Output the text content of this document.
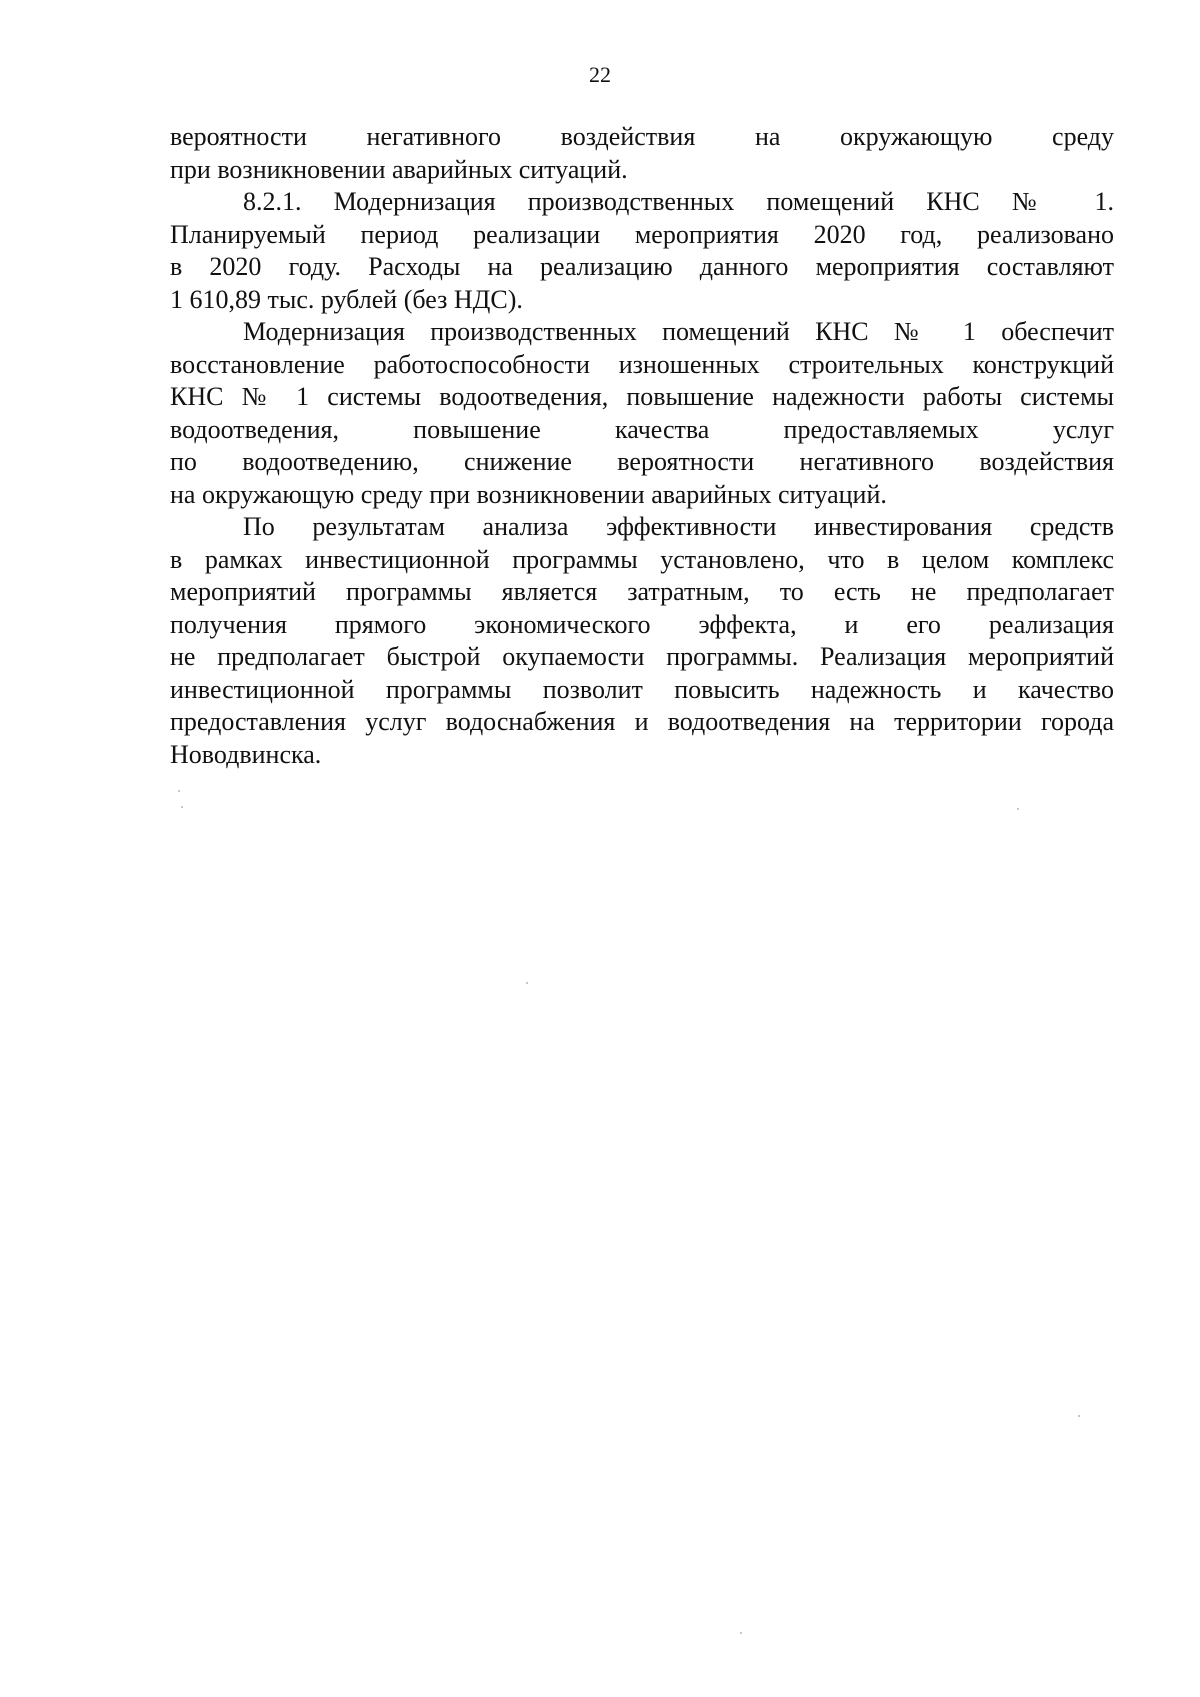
22
вероятности негативного воздействия на окружающую среду
при возникновении аварийных ситуаций.
8.2.1. Модернизация производственных помещений КНС № 1.
Планируемый период реализации мероприятия 2020 год, реализовано
в 2020 году. Расходы на реализацию данного мероприятия составляют
1 610,89 тыс. рублей (без НДС).
Модернизация производственных помещений КНС № 1 обеспечит
восстановление работоспособности изношенных строительных конструкций
КНС № 1 системы водоотведения, повышение надежности работы системы
водоотведения, повышение качества предоставляемых услуг
по водоотведению, снижение вероятности негативного воздействия
на окружающую среду при возникновении аварийных ситуаций.
По результатам анализа эффективности инвестирования средств
в рамках инвестиционной программы установлено, что в целом комплекс
мероприятий программы является затратным, то есть не предполагает
получения прямого экономического эффекта, и его реализация
не предполагает быстрой окупаемости программы. Реализация мероприятий
инвестиционной программы позволит повысить надежность и качество
предоставления услуг водоснабжения и водоотведения на территории города
Новодвинска.
